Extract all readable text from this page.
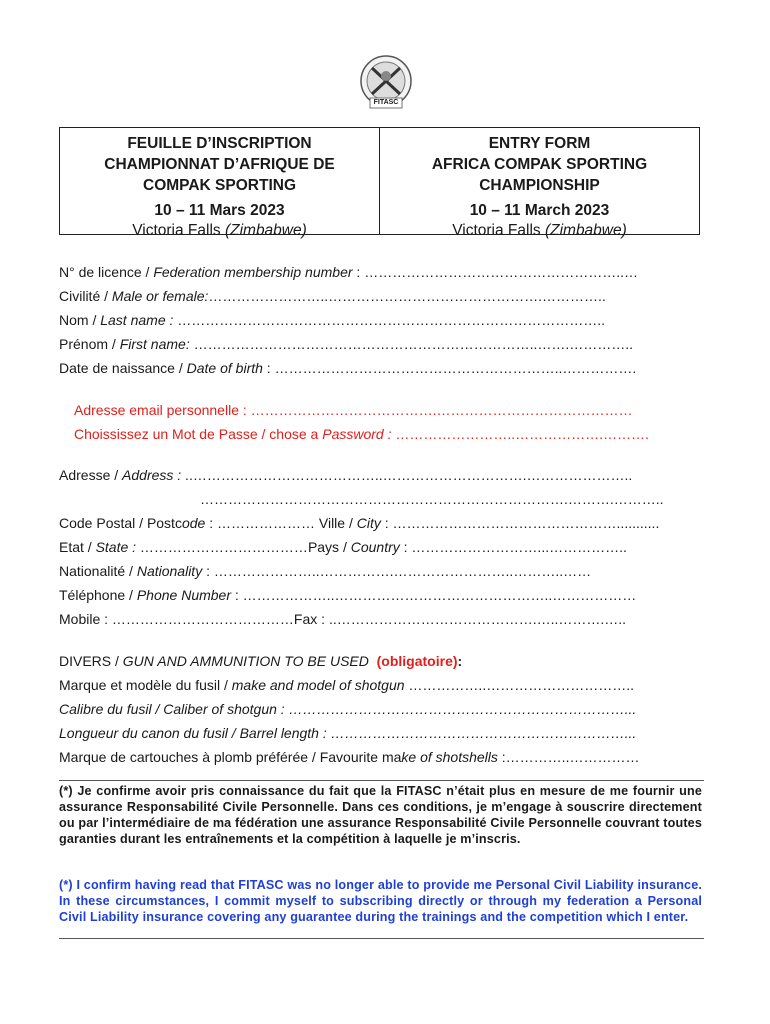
FITASC
FEUILLE D’INSCRIPTION
CHAMPIONNAT D’AFRIQUE DE
COMPAK SPORTING
10 – 11 Mars 2023
Victoria Falls (Zimbabwe)
ENTRY FORM
AFRICA COMPAK SPORTING
CHAMPIONSHIP
10 – 11 March 2023
Victoria Falls (Zimbabwe)
N° de licence / Federation membership number : ………………………………………………..…
Civilité / Male or female:……………………..……………………………………….…………..
Nom / Last name : ………………………………………………………………………………..
Prénom / First name: ………………………………………………………………..…….…………..
Date de naissance / Date of birth : ……………………………………………………..…………….
Adresse email personnelle : ………………………………….……………………………………
Choississez un Mot de Passe / chose a Password : ……………………..……………….……….
Adresse / Address : ..…………………………………..………………………….…………………..
…………………………………………………………………….……….………..
Code Postal / Postcode : ………………… Ville / City : …………………………………………...........
Etat / State : ………………………………Pays / Country : ………………………...……………..
Nationalité / Nationality : …………………..…………….……………………..………..……
Téléphone / Phone Number : ………………..………………………………………..………………
Mobile : …………………………………Fax : ..…………………………………….…..……….…..
DIVERS / GUN AND AMMUNITION TO BE USED (obligatoire):
Marque et modèle du fusil / make and model of shotgun ……………..…………………………..
Calibre du fusil / Caliber of shotgun : ………………………………………………………………...
Longueur du canon du fusil / Barrel length : ………………………………………………………...
Marque de cartouches à plomb préférée / Favourite make of shotshells :…………..……………
(*) Je confirme avoir pris connaissance du fait que la FITASC n’était plus en mesure de me fournir une assurance Responsabilité Civile Personnelle. Dans ces conditions, je m’engage à souscrire directement ou par l’intermédiaire de ma fédération une assurance Responsabilité Civile Personnelle couvrant toutes garanties durant les entraînements et la compétition à laquelle je m’inscris.
(*) I confirm having read that FITASC was no longer able to provide me Personal Civil Liability insurance. In these circumstances, I commit myself to subscribing directly or through my federation a Personal Civil Liability insurance covering any guarantee during the trainings and the competition which I enter.
